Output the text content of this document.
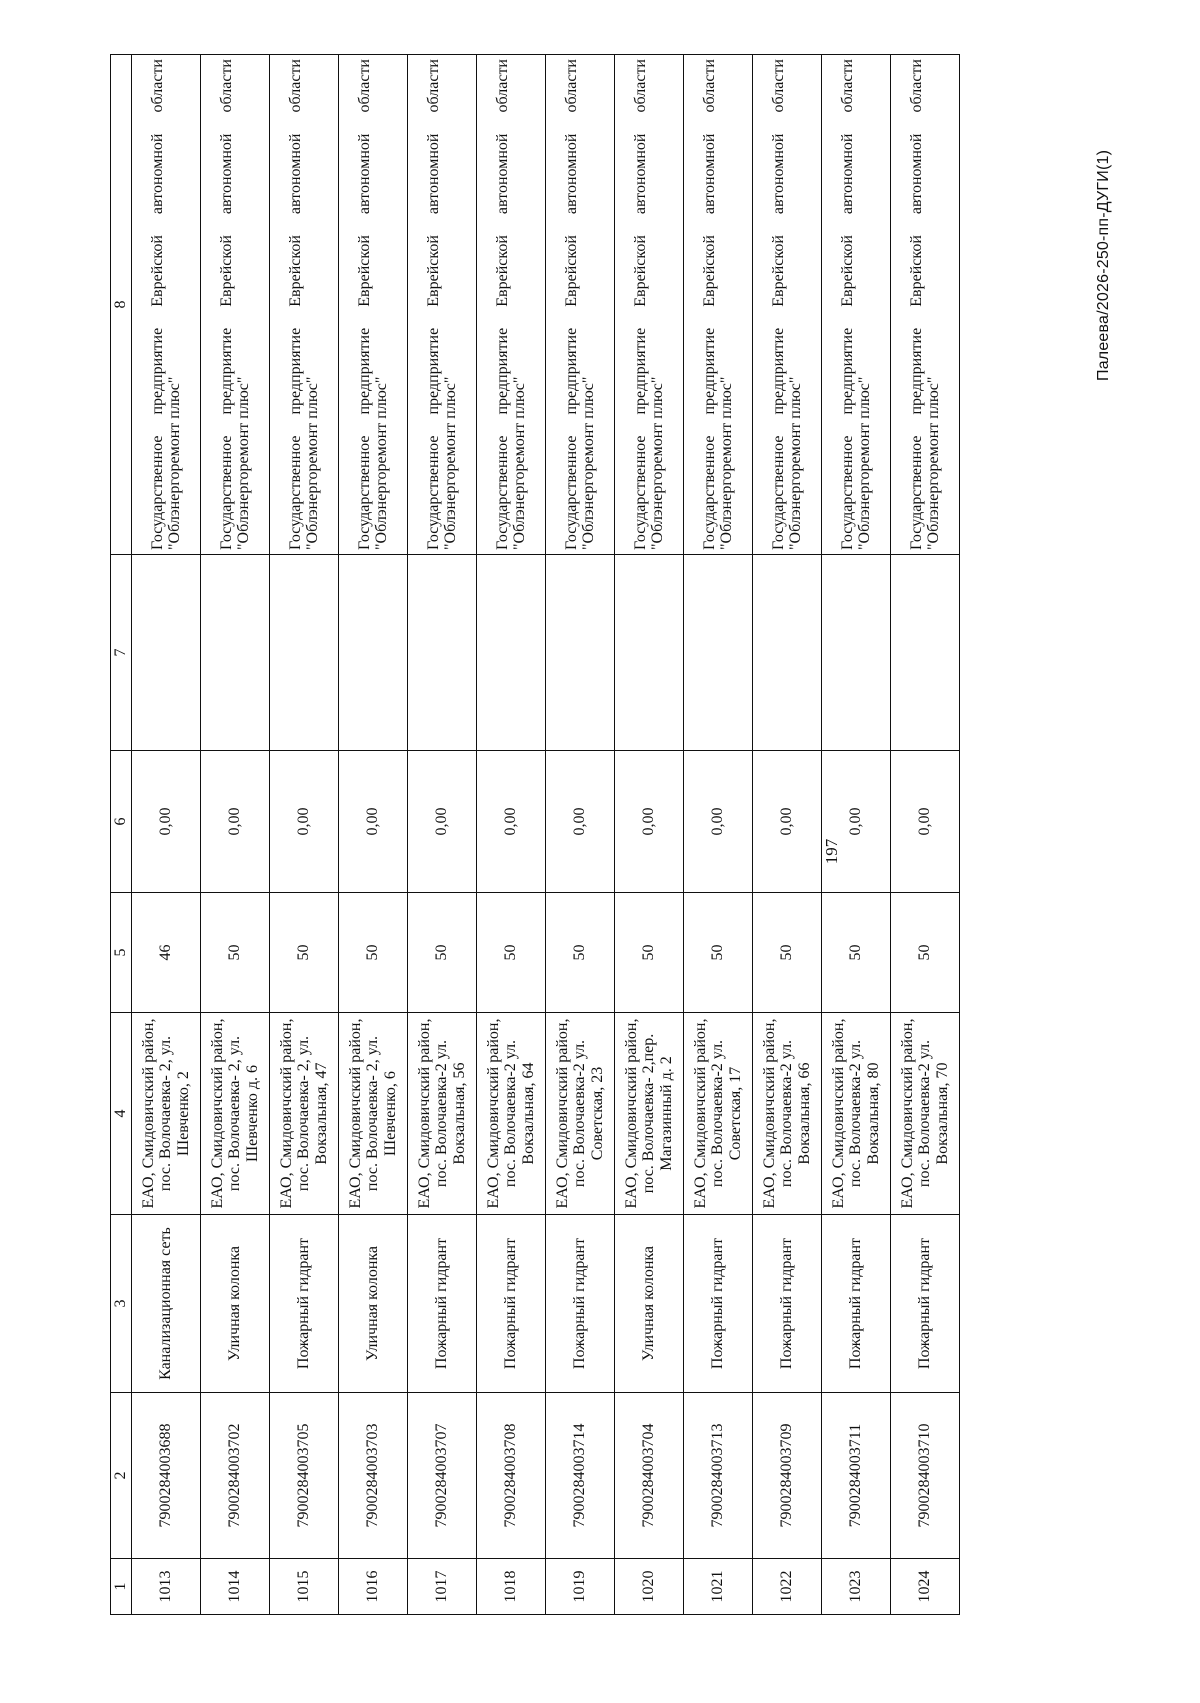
197
1	2	3	4	5	6	7	8
1013	7900284003688	Канализационная сеть	ЕАО, Смидовичский район, пос. Волочаевка- 2, ул. Шевченко, 2	46	0,00		Государственное предприятие Еврейской автономной области "Облэнергоремонт плюс"
1014	7900284003702	Уличная колонка	ЕАО, Смидовичский район, пос. Волочаевка- 2, ул. Шевченко д. 6	50	0,00		Государственное предприятие Еврейской автономной области "Облэнергоремонт плюс"
1015	7900284003705	Пожарный гидрант	ЕАО, Смидовичский район, пос. Волочаевка- 2, ул. Вокзальная, 47	50	0,00		Государственное предприятие Еврейской автономной области "Облэнергоремонт плюс"
1016	7900284003703	Уличная колонка	ЕАО, Смидовичский район, пос. Волочаевка- 2, ул. Шевченко, 6	50	0,00		Государственное предприятие Еврейской автономной области "Облэнергоремонт плюс"
1017	7900284003707	Пожарный гидрант	ЕАО, Смидовичский район, пос. Волочаевка-2 ул. Вокзальная, 56	50	0,00		Государственное предприятие Еврейской автономной области "Облэнергоремонт плюс"
1018	7900284003708	Пожарный гидрант	ЕАО, Смидовичский район, пос. Волочаевка-2 ул. Вокзальная, 64	50	0,00		Государственное предприятие Еврейской автономной области "Облэнергоремонт плюс"
1019	7900284003714	Пожарный гидрант	ЕАО, Смидовичский район, пос. Волочаевка-2 ул. Советская, 23	50	0,00		Государственное предприятие Еврейской автономной области "Облэнергоремонт плюс"
1020	7900284003704	Уличная колонка	ЕАО, Смидовичский район, пос. Волочаевка- 2,пер. Магазинный д. 2	50	0,00		Государственное предприятие Еврейской автономной области "Облэнергоремонт плюс"
1021	7900284003713	Пожарный гидрант	ЕАО, Смидовичский район, пос. Волочаевка-2 ул. Советская, 17	50	0,00		Государственное предприятие Еврейской автономной области "Облэнергоремонт плюс"
1022	7900284003709	Пожарный гидрант	ЕАО, Смидовичский район, пос. Волочаевка-2 ул. Вокзальная, 66	50	0,00		Государственное предприятие Еврейской автономной области "Облэнергоремонт плюс"
1023	7900284003711	Пожарный гидрант	ЕАО, Смидовичский район, пос. Волочаевка-2 ул. Вокзальная, 80	50	0,00		Государственное предприятие Еврейской автономной области "Облэнергоремонт плюс"
1024	7900284003710	Пожарный гидрант	ЕАО, Смидовичский район, пос. Волочаевка-2 ул. Вокзальная, 70	50	0,00		Государственное предприятие Еврейской автономной области "Облэнергоремонт плюс"
Палеева/2026-250-пп-ДУГИ(1)
